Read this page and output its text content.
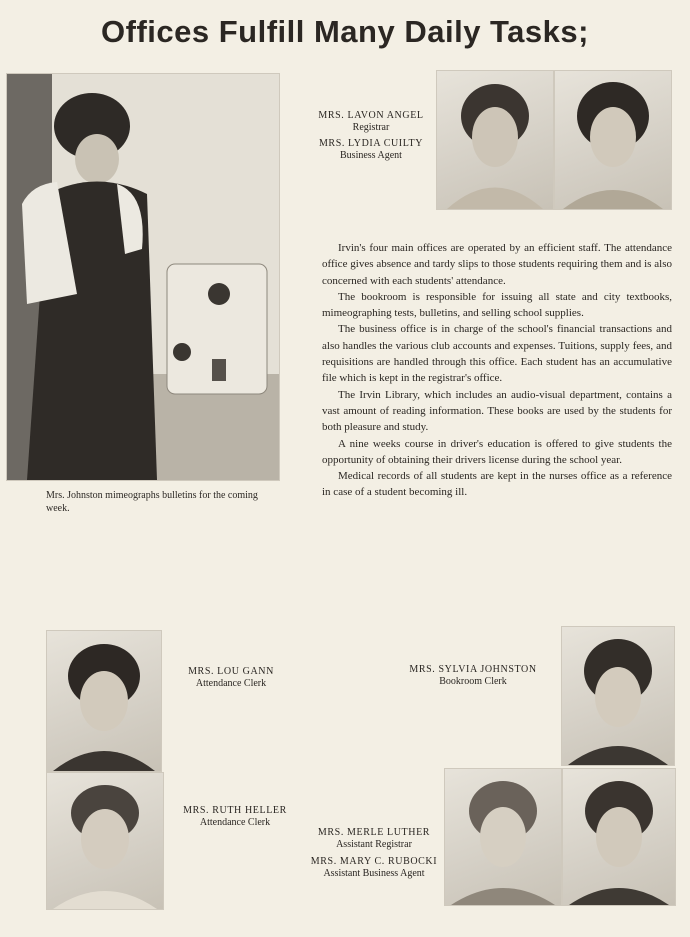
Offices Fulfill Many Daily Tasks;
Mrs. Johnston mimeographs bulletins for the coming week.
MRS. LAVON ANGEL
Registrar
MRS. LYDIA CUILTY
Business Agent

Irvin's four main offices are operated by an efficient staff. The attendance office gives absence and tardy slips to those students requiring them and is also concerned with each students' attendance.

The bookroom is responsible for issuing all state and city textbooks, mimeographing tests, bulletins, and selling school supplies.

The business office is in charge of the school's financial transactions and also handles the various club accounts and expenses. Tuitions, supply fees, and requisitions are handled through this office. Each student has an accumulative file which is kept in the registrar's office.

The Irvin Library, which includes an audio-visual department, contains a vast amount of reading information. These books are used by the students for both pleasure and study.

A nine weeks course in driver's education is offered to give students the opportunity of obtaining their drivers license during the school year.

Medical records of all students are kept in the nurses office as a reference in case of a student becoming ill.

MRS. LOU GANN
Attendance Clerk
MRS. SYLVIA JOHNSTON
Bookroom Clerk
MRS. RUTH HELLER
Attendance Clerk
MRS. MERLE LUTHER
Assistant Registrar
MRS. MARY C. RUBOCKI
Assistant Business Agent
